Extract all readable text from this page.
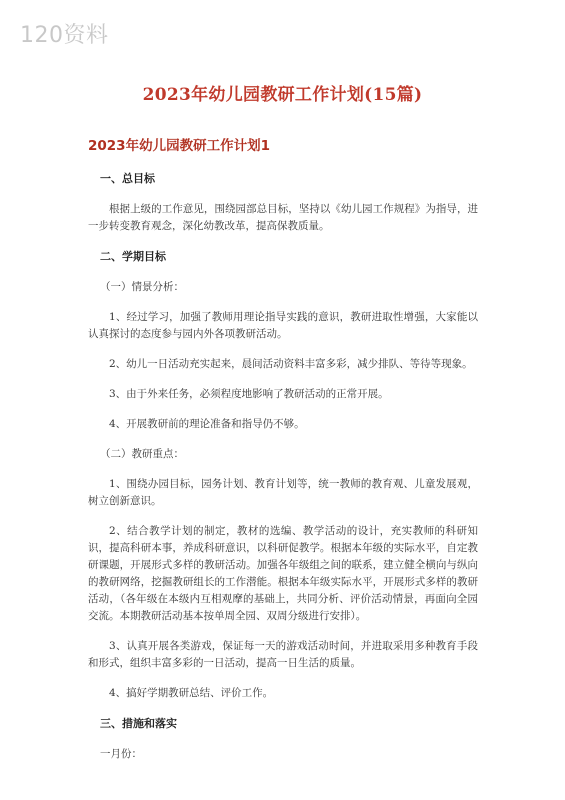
120资料
2023年幼儿园教研工作计划(15篇)
2023年幼儿园教研工作计划1
一、总目标
根据上级的工作意见，围绕园部总目标，坚持以《幼儿园工作规程》为指导，进一步转变教育观念，深化幼教改革，提高保教质量。
二、学期目标
（一）情景分析：
1、经过学习，加强了教师用理论指导实践的意识，教研进取性增强，大家能以认真探讨的态度参与园内外各项教研活动。
2、幼儿一日活动充实起来，晨间活动资料丰富多彩，减少排队、等待等现象。
3、由于外来任务，必须程度地影响了教研活动的正常开展。
4、开展教研前的理论准备和指导仍不够。
（二）教研重点：
1、围绕办园目标，园务计划、教育计划等，统一教师的教育观、儿童发展观，树立创新意识。
2、结合教学计划的制定，教材的选编、教学活动的设计，充实教师的科研知识，提高科研本事，养成科研意识，以科研促教学。根据本年级的实际水平，自定教研课题，开展形式多样的教研活动。加强各年级组之间的联系，建立健全横向与纵向的教研网络，挖掘教研组长的工作潜能。根据本年级实际水平，开展形式多样的教研活动，（各年级在本级内互相观摩的基础上，共同分析、评价活动情景，再面向全园交流。本期教研活动基本按单周全园、双周分级进行安排）。
3、认真开展各类游戏，保证每一天的游戏活动时间，并进取采用多种教育手段和形式，组织丰富多彩的一日活动，提高一日生活的质量。
4、搞好学期教研总结、评价工作。
三、措施和落实
一月份：
